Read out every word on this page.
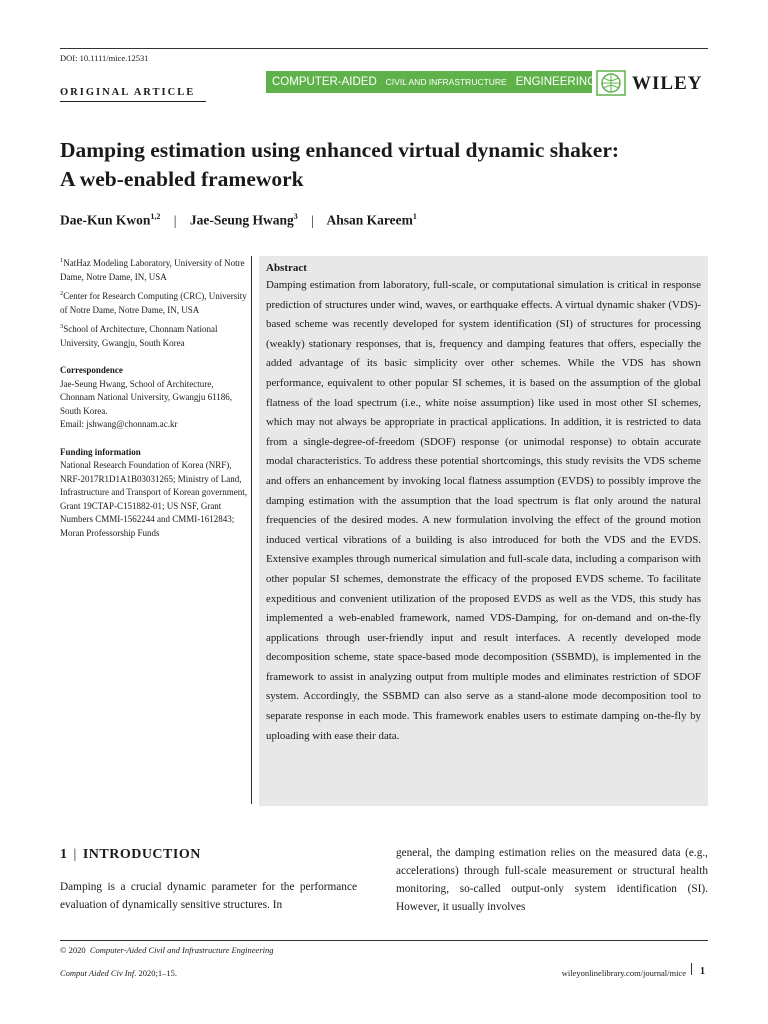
DOI: 10.1111/mice.12531
ORIGINAL ARTICLE
COMPUTER-AIDED
CIVIL AND INFRASTRUCTURE
ENGINEERING WILEY
Damping estimation using enhanced virtual dynamic shaker:
A web-enabled framework
Dae-Kun Kwon$^{1,2}$ | Jae-Seung Hwang$^3$ | Ahsan Kareem$^1$
$^1$NatHaz Modeling Laboratory, University of Notre Dame, Notre Dame, IN, USA
$^2$Center for Research Computing (CRC), University of Notre Dame, Notre Dame, IN, USA
$^3$School of Architecture, Chonnam National University, Gwangju, South Korea
Correspondence
Jae-Seung Hwang, School of Architecture, Chonnam National University, Gwangju 61186, South Korea.
Email: jshwang@chonnam.ac.kr
Funding information
National Research Foundation of Korea (NRF), NRF-2017R1D1A1B03031265; Ministry of Land, Infrastructure and Transport of Korean government, Grant 19CTAP-C151882-01; US NSF, Grant Numbers CMMI-1562244 and CMMI-1612843; Moran Professorship Funds
Abstract
Damping estimation from laboratory, full-scale, or computational simulation is critical in response prediction of structures under wind, waves, or earthquake effects. A virtual dynamic shaker (VDS)-based scheme was recently developed for system identification (SI) of structures for processing (weakly) stationary responses, that is, frequency and damping features that offers, especially the added advantage of its basic simplicity over other schemes. While the VDS has shown performance, equivalent to other popular SI schemes, it is based on the assumption of the global flatness of the load spectrum (i.e., white noise assumption) like used in most other SI schemes, which may not always be appropriate in practical applications. In addition, it is restricted to data from a single-degree-of-freedom (SDOF) response (or unimodal response) to obtain accurate modal characteristics. To address these potential shortcomings, this study revisits the VDS scheme and offers an enhancement by invoking local flatness assumption (EVDS) to possibly improve the damping estimation with the assumption that the load spectrum is flat only around the natural frequencies of the desired modes. A new formulation involving the effect of the ground motion induced vertical vibrations of a building is also introduced for both the VDS and the EVDS. Extensive examples through numerical simulation and full-scale data, including a comparison with other popular SI schemes, demonstrate the efficacy of the proposed EVDS scheme. To facilitate expeditious and convenient utilization of the proposed EVDS as well as the VDS, this study has implemented a web-enabled framework, named VDS-Damping, for on-demand and on-the-fly applications through user-friendly input and result interfaces. A recently developed mode decomposition scheme, state space-based mode decomposition (SSBMD), is implemented in the framework to assist in analyzing output from multiple modes and eliminates restriction of SDOF system. Accordingly, the SSBMD can also serve as a stand-alone mode decomposition tool to separate response in each mode. This framework enables users to estimate damping on-the-fly by uploading with ease their data.
1 | INTRODUCTION
Damping is a crucial dynamic parameter for the performance evaluation of dynamically sensitive structures. In
general, the damping estimation relies on the measured data (e.g., accelerations) through full-scale measurement or structural health monitoring, so-called output-only system identification (SI). However, it usually involves
© 2020 Computer-Aided Civil and Infrastructure Engineering
Comput Aided Civ Inf. 2020;1–15.	wileyonlinelibrary.com/journal/mice 1
